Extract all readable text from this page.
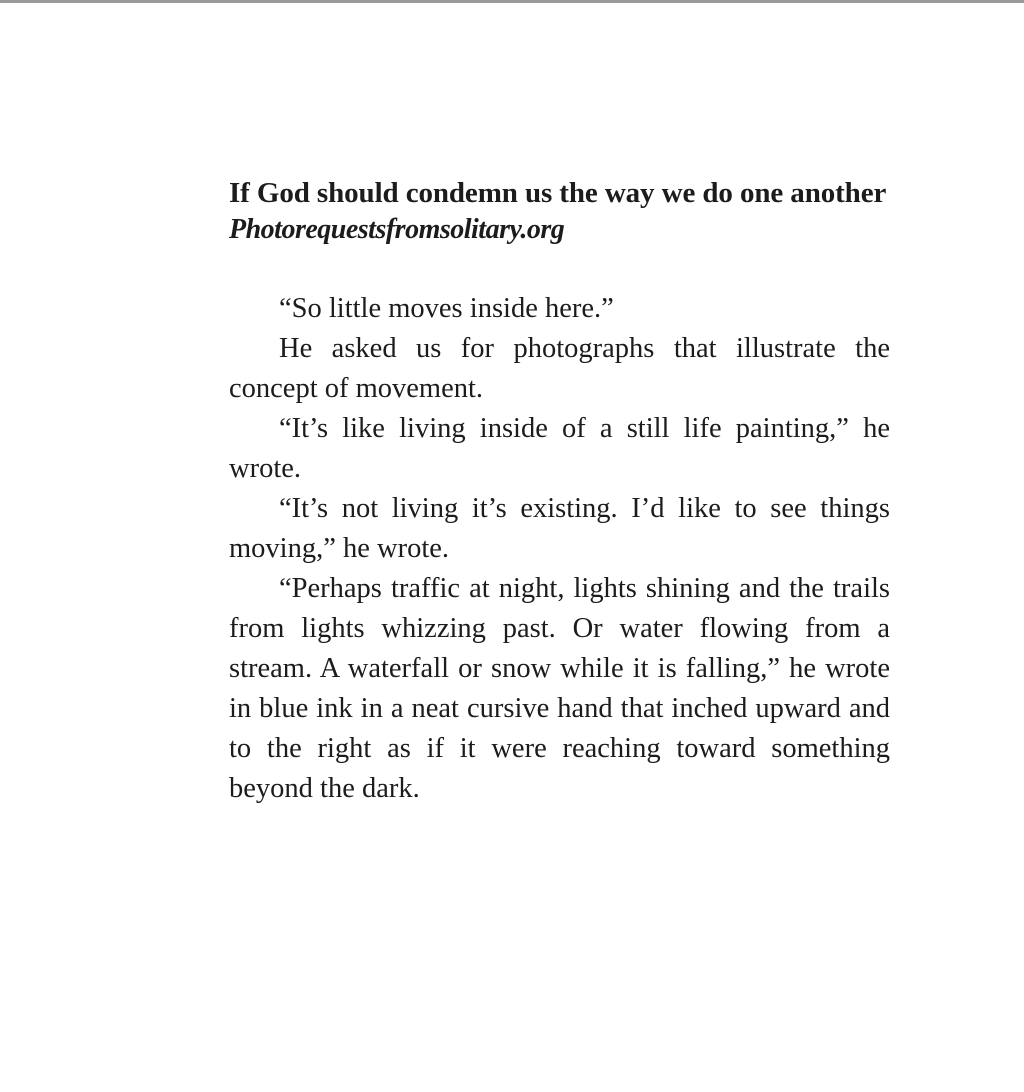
If God should condemn us the way we do one another

Photorequestsfromsolitary.org

“So little moves inside here.”

He asked us for photographs that illustrate the concept of movement.

“It’s like living inside of a still life painting,” he wrote.

“It’s not living it’s existing. I’d like to see things moving,” he wrote.

“Perhaps traffic at night, lights shining and the trails from lights whizzing past. Or water flowing from a stream. A waterfall or snow while it is falling,” he wrote in blue ink in a neat cursive hand that inched upward and to the right as if it were reaching toward something beyond the dark.
